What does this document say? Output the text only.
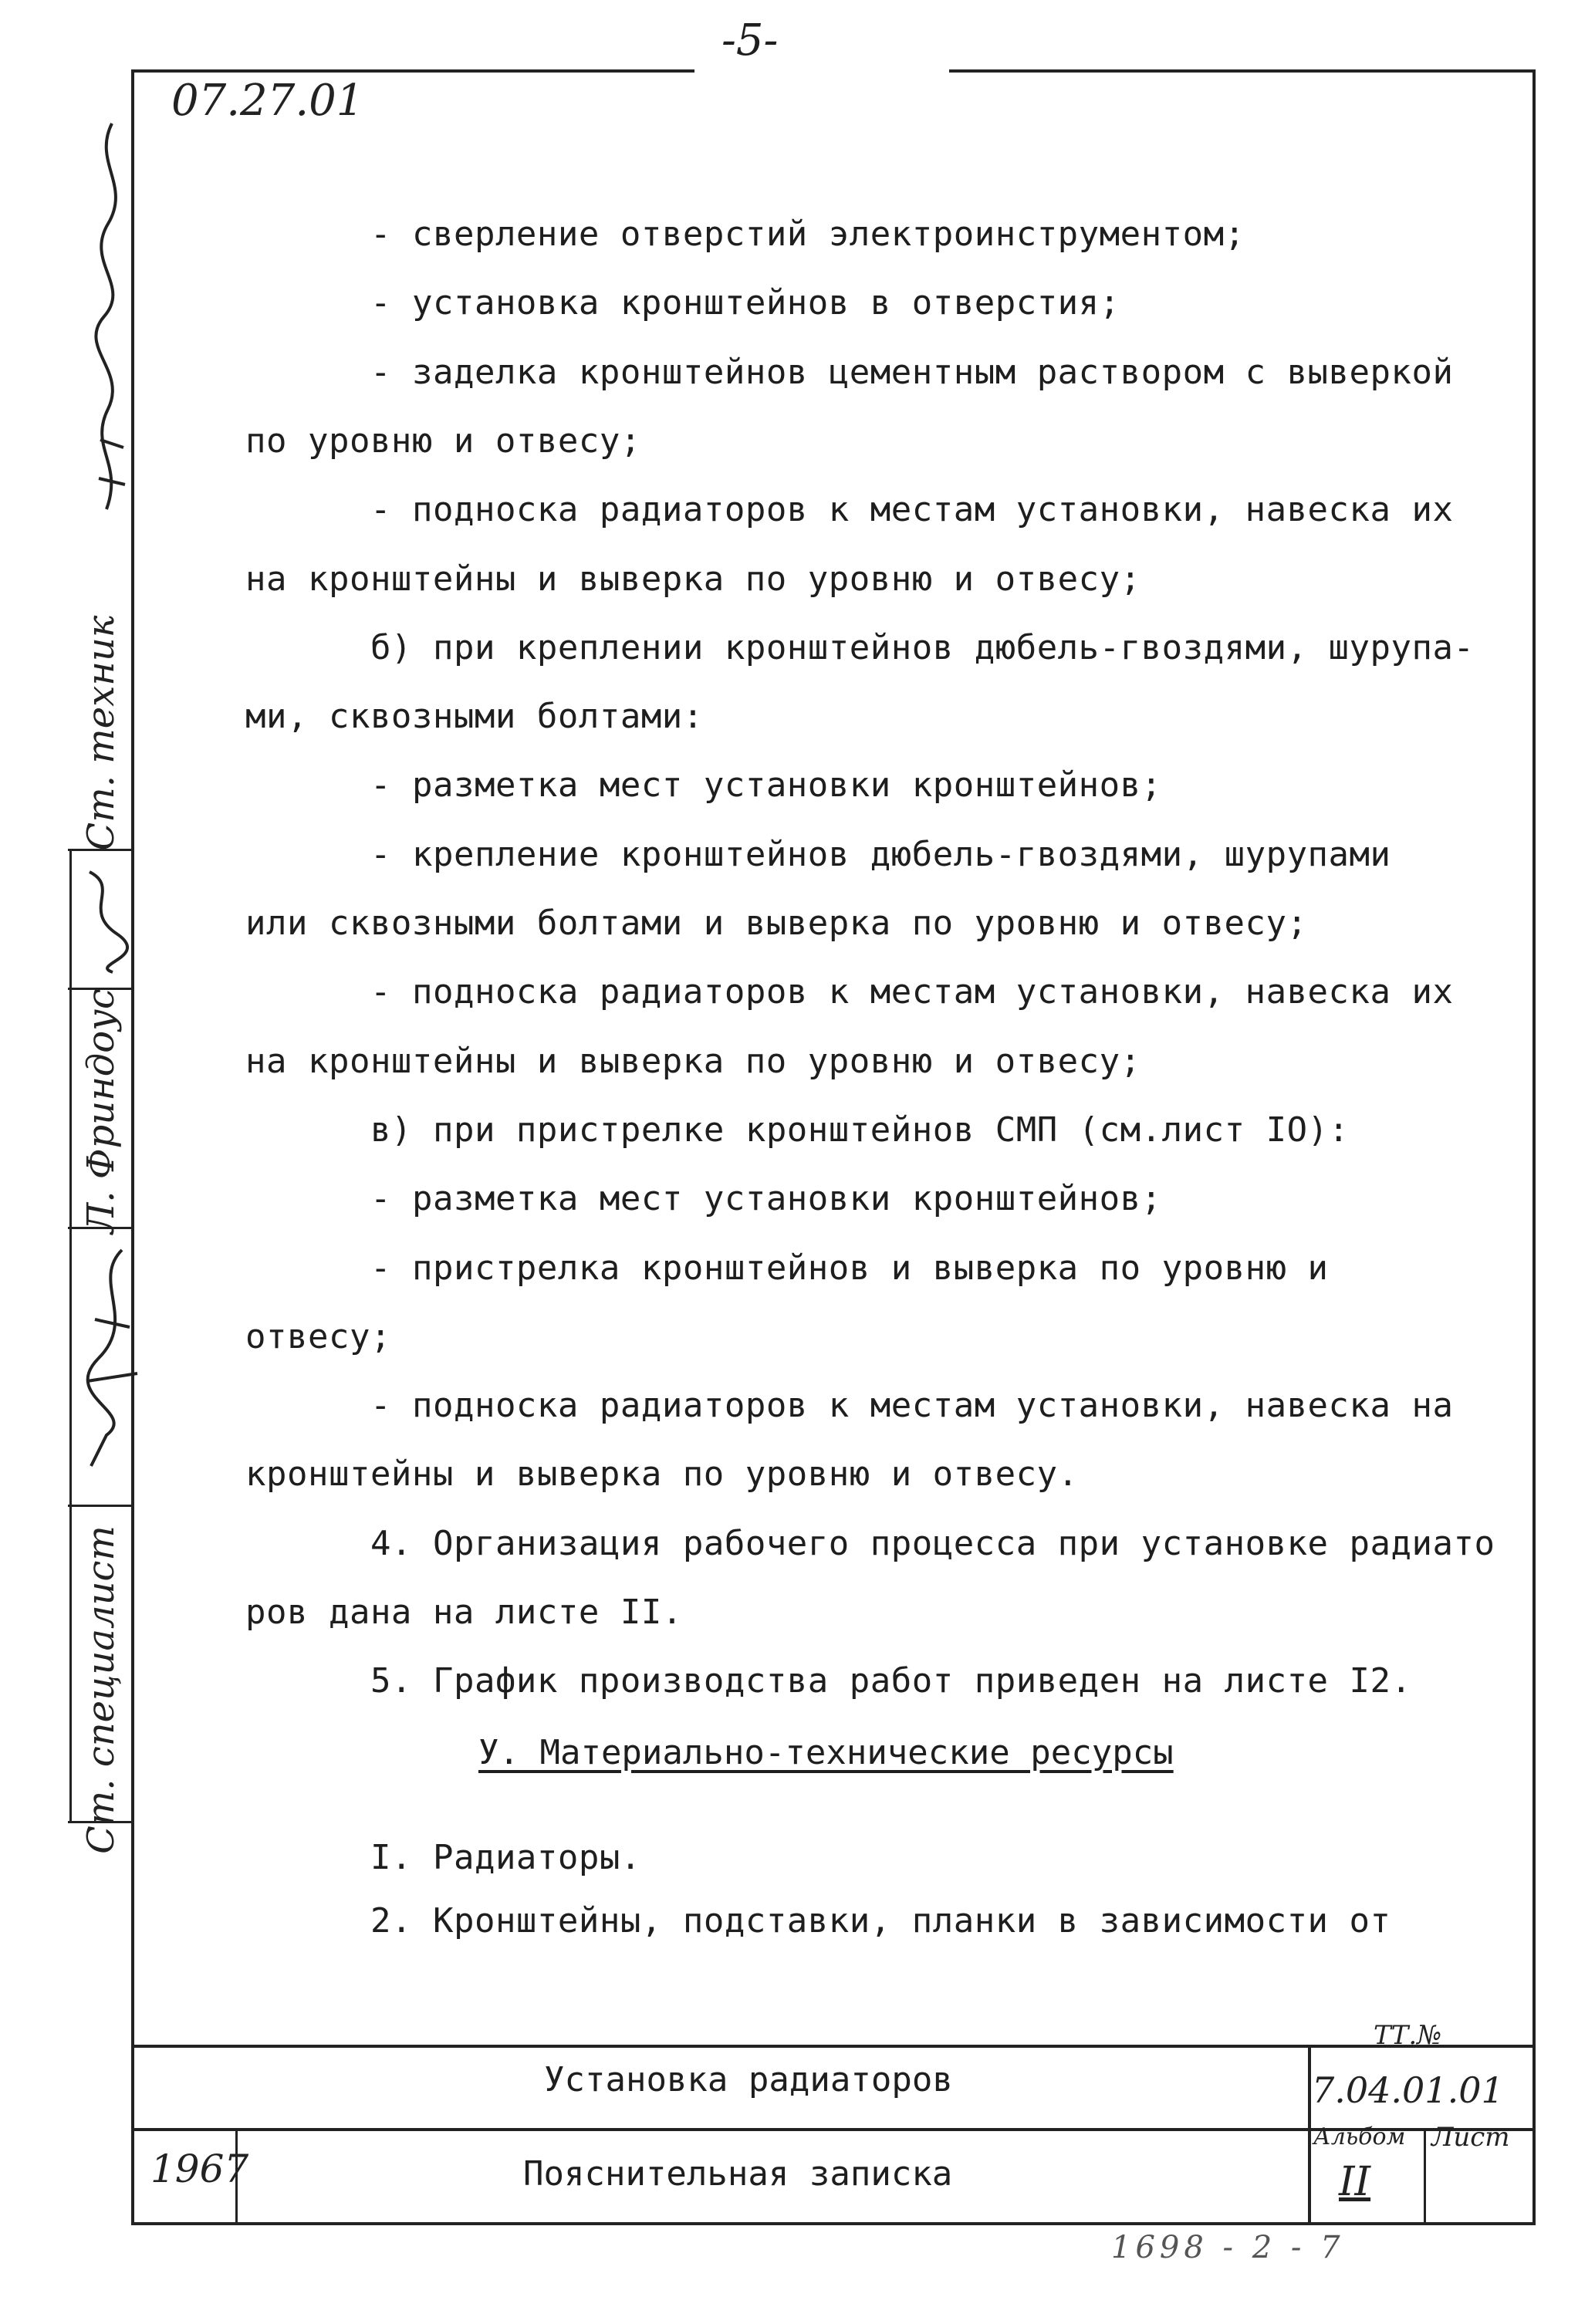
-5-
07.27.01
Ст. специалист
Ст. техник
Л. Фриндоус
- сверление отверстий электроинструментом;
- установка кронштейнов в отверстия;
- заделка кронштейнов цементным раствором с выверкой
по уровню и отвесу;
- подноска радиаторов к местам установки, навеска их
на кронштейны и выверка по уровню и отвесу;
б) при креплении кронштейнов дюбель-гвоздями, шурупа-
ми, сквозными болтами:
- разметка мест установки кронштейнов;
- крепление кронштейнов дюбель-гвоздями, шурупами
или сквозными болтами и выверка по уровню и отвесу;
- подноска радиаторов к местам установки, навеска их
на кронштейны и выверка по уровню и отвесу;
в) при пристрелке кронштейнов СМП (см.лист IO):
- разметка мест установки кронштейнов;
- пристрелка кронштейнов и выверка по уровню и
отвесу;
- подноска радиаторов к местам установки, навеска на
кронштейны и выверка по уровню и отвесу.
4. Организация рабочего процесса при установке радиато
ров дана на листе II.
5. График производства работ приведен на листе I2.
У. Материально-технические ресурсы
I. Радиаторы.
2. Кронштейны, подставки, планки в зависимости от
Установка радиаторов
Пояснительная записка
1967
ТТ.№
7.04.01.01
Альбом Лист
II
1698 - 2 - 7
